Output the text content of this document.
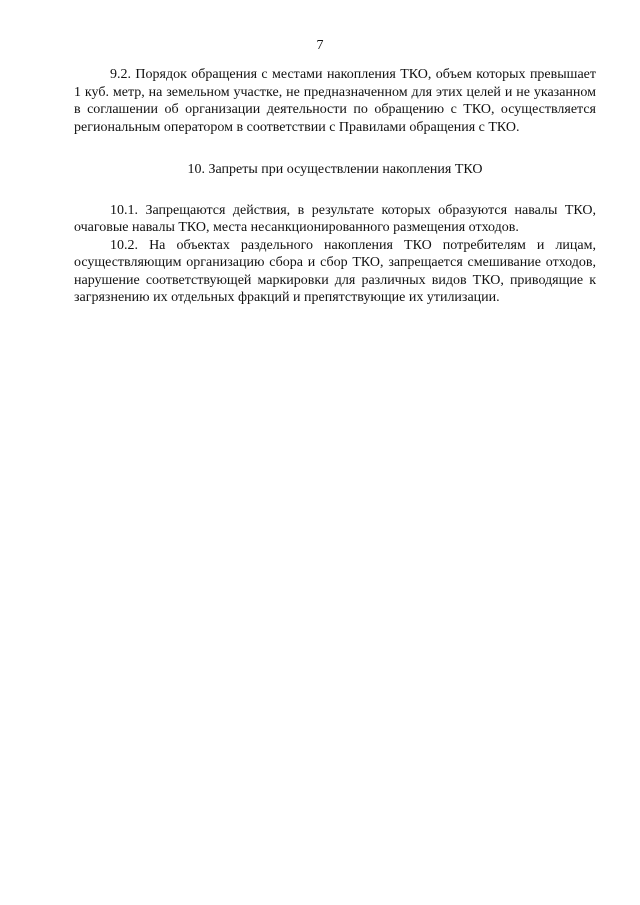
7

9.2. Порядок обращения с местами накопления ТКО, объем которых превышает 1 куб. метр, на земельном участке, не предназначенном для этих целей и не указанном в соглашении об организации деятельности по обращению с ТКО, осуществляется региональным оператором в соответствии с Правилами обращения с ТКО.

10. Запреты при осуществлении накопления ТКО

10.1. Запрещаются действия, в результате которых образуются навалы ТКО, очаговые навалы ТКО, места несанкционированного размещения отходов.

10.2. На объектах раздельного накопления ТКО потребителям и лицам, осуществляющим организацию сбора и сбор ТКО, запрещается смешивание отходов, нарушение соответствующей маркировки для различных видов ТКО, приводящие к загрязнению их отдельных фракций и препятствующие их утилизации.
